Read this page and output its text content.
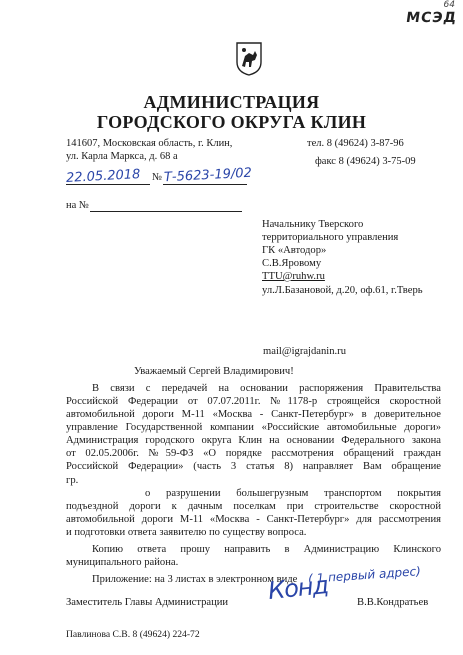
64
МСЭД
АДМИНИСТРАЦИЯ
ГОРОДСКОГО ОКРУГА КЛИН
141607, Московская область, г. Клин,
ул. Карла Маркса, д. 68 а
тел. 8 (49624) 3-87-96
факс 8 (49624) 3-75-09
22.05.2018 № Т-5623-19/02
на №
Начальнику Тверского
территориального управления
ГК «Автодор»
С.В.Яровому
TTU@ruhw.ru
ул.Л.Базановой, д.20, оф.61, г.Тверь
mail@igrajdanin.ru
Уважаемый Сергей Владимирович!
В связи с передачей на основании распоряжения Правительства
Российской Федерации от 07.07.2011г. №1178-р строящейся скоростной
автомобильной дороги М-11 «Москва - Санкт-Петербург» в доверительное
управление Государственной компании «Российские автомобильные дороги»
Администрация городского округа Клин на основании Федерального закона
от 02.05.2006г. №59-ФЗ «О порядке рассмотрения обращений граждан
Российской Федерации» (часть 3 статья 8) направляет Вам обращение
гр.
о разрушении большегрузным транспортом покрытия
подъездной дороги к дачным поселкам при строительстве скоростной
автомобильной дороги М-11 «Москва - Санкт-Петербург» для рассмотрения
и подготовки ответа заявителю по существу вопроса.
Копию ответа прошу направить в Администрацию Клинского
муниципального района.
Приложение: на 3 листах в электронном виде ( 1 первый адрес)
Заместитель Главы Администрации Конд	В.В.Кондратьев
Павлинова С.В. 8 (49624) 224-72
